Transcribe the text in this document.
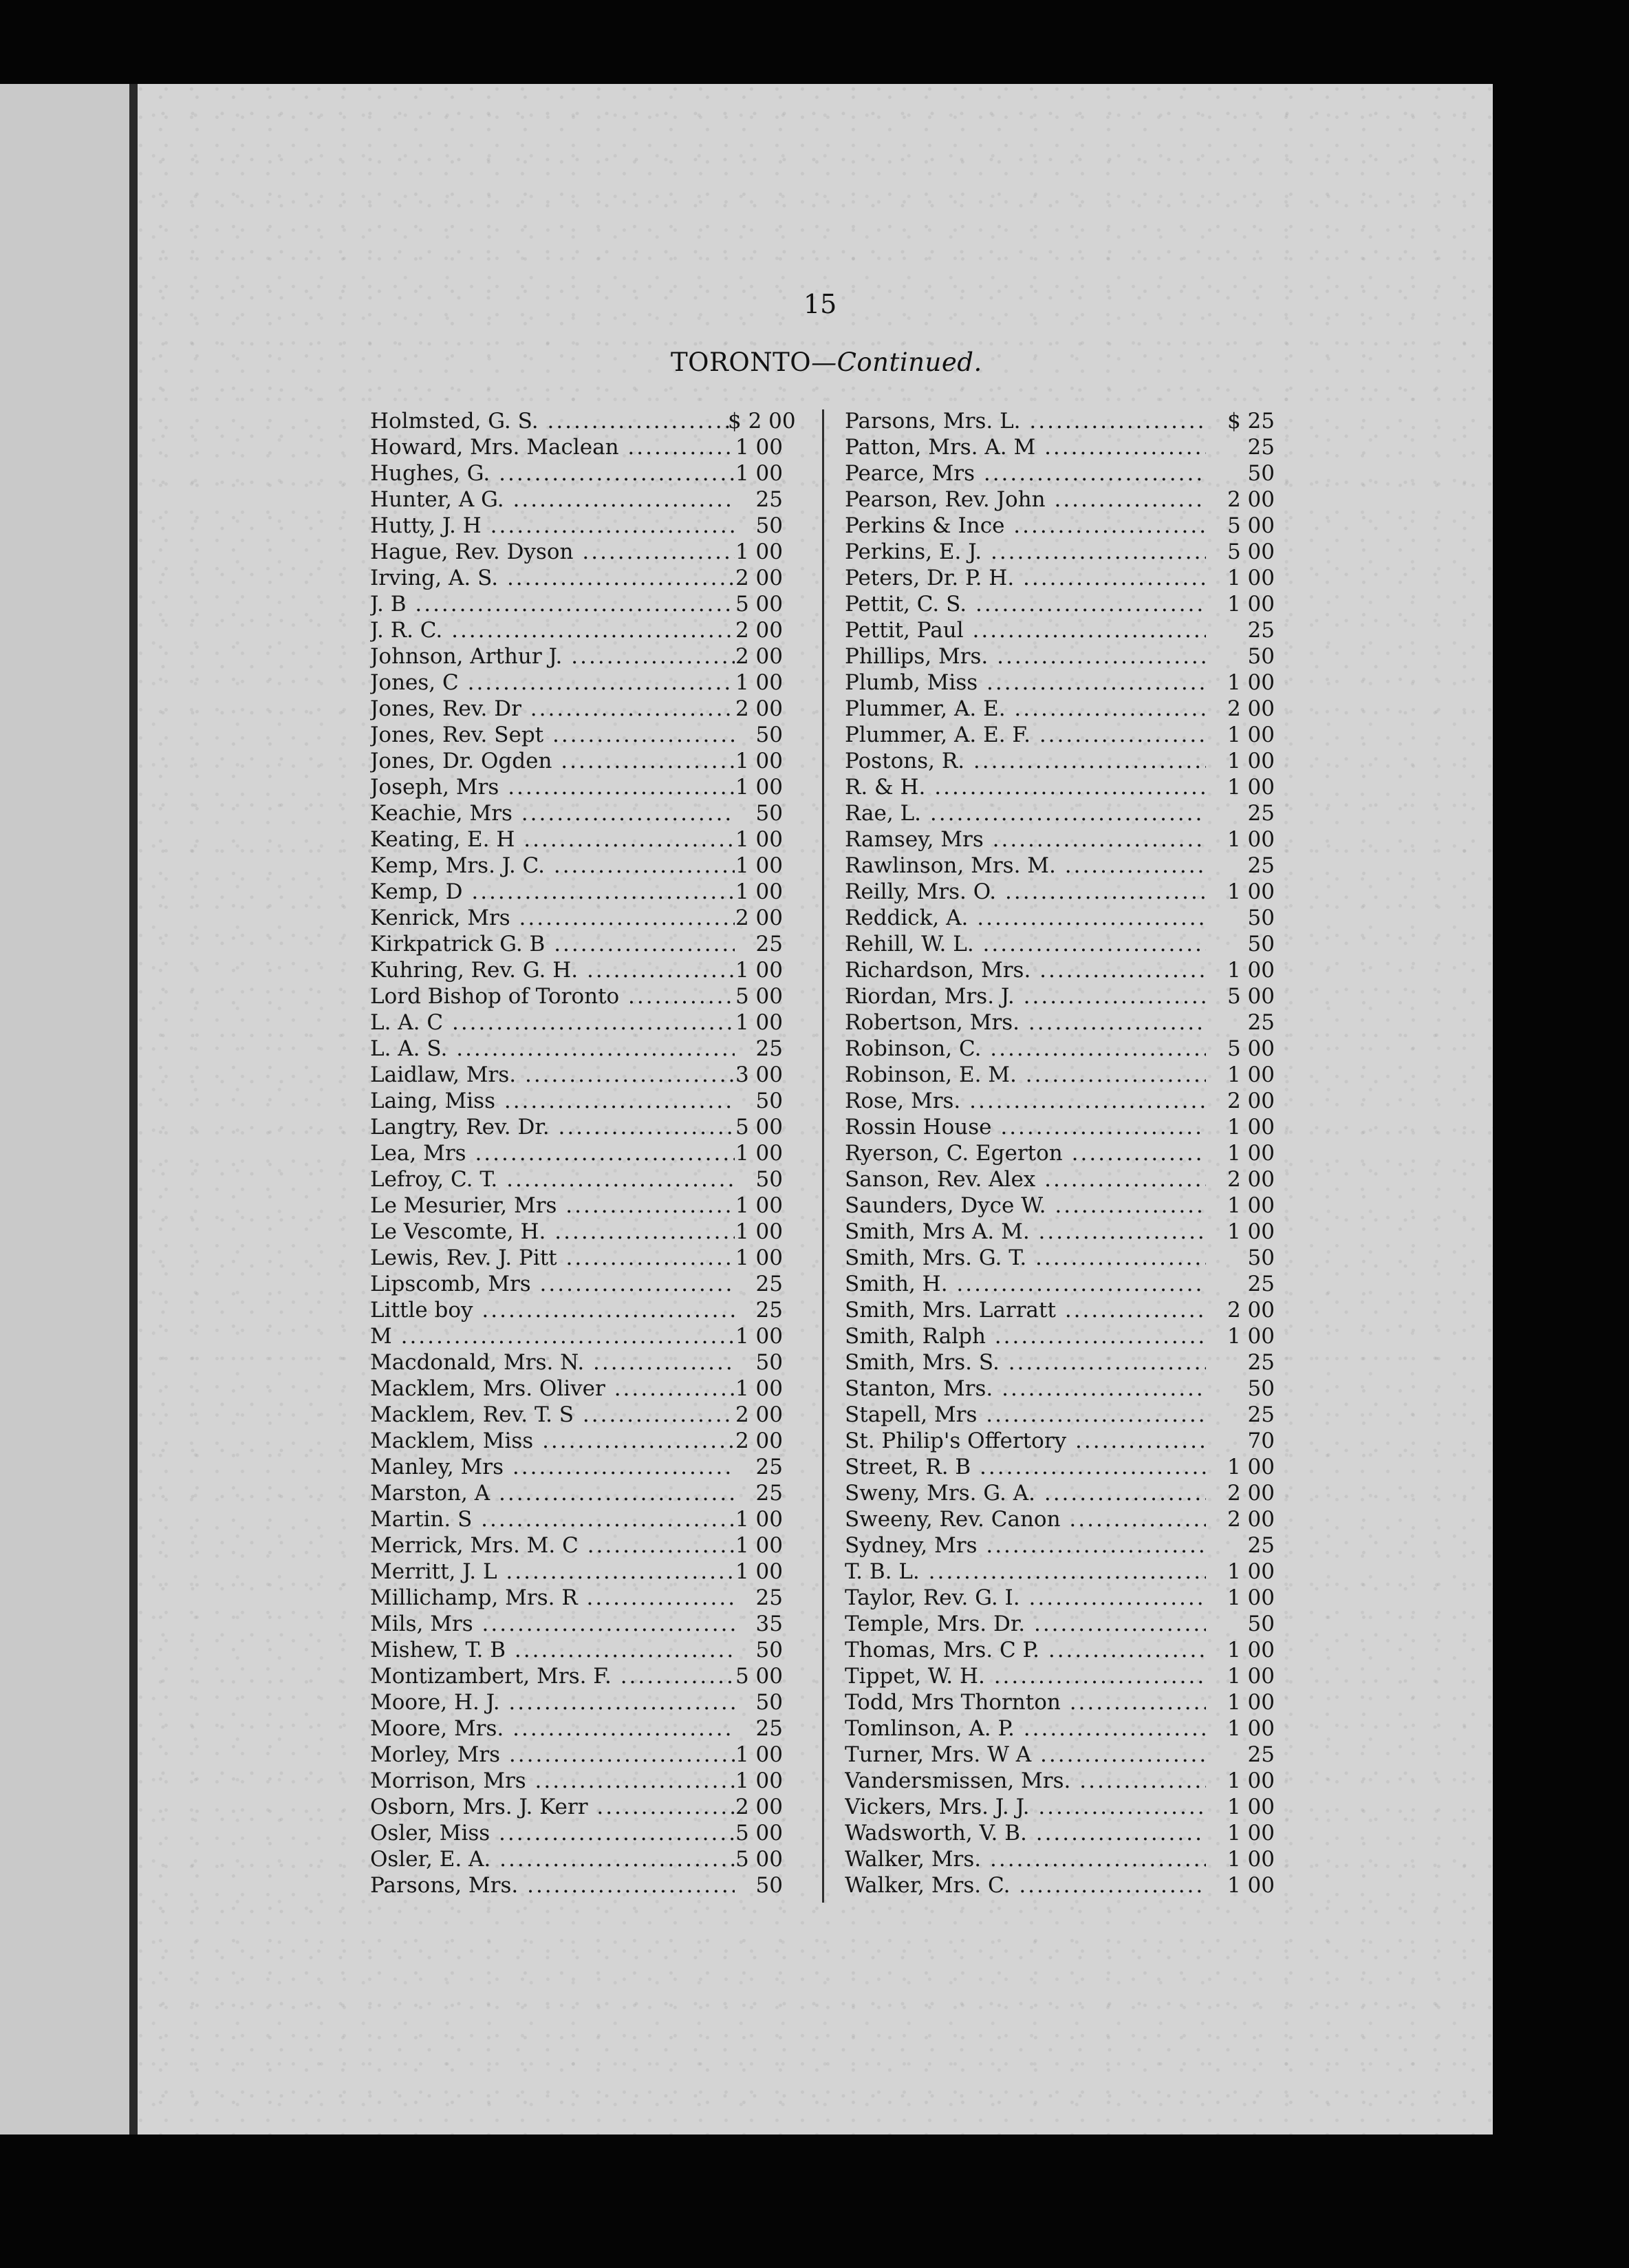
15
TORONTO—Continued.
Holmsted, G. S. .....	$ 2 00
Howard, Mrs. Maclean .....	1 00
Hughes, G. .....	1 00
Hunter, A G. .....	25
Hutty, J. H .....	50
Hague, Rev. Dyson .....	1 00
Irving, A. S. .....	2 00
J. B .....	5 00
J. R. C. .....	2 00
Johnson, Arthur J. .....	2 00
Jones, C .....	1 00
Jones, Rev. Dr .....	2 00
Jones, Rev. Sept .....	50
Jones, Dr. Ogden .....	1 00
Joseph, Mrs .....	1 00
Keachie, Mrs .....	50
Keating, E. H .....	1 00
Kemp, Mrs. J. C. .....	1 00
Kemp, D .....	1 00
Kenrick, Mrs .....	2 00
Kirkpatrick G. B .....	25
Kuhring, Rev. G. H. .....	1 00
Lord Bishop of Toronto .....	5 00
L. A. C .....	1 00
L. A. S. .....	25
Laidlaw, Mrs. .....	3 00
Laing, Miss .....	50
Langtry, Rev. Dr. .....	5 00
Lea, Mrs .....	1 00
Lefroy, C. T. .....	50
Le Mesurier, Mrs .....	1 00
Le Vescomte, H. .....	1 00
Lewis, Rev. J. Pitt .....	1 00
Lipscomb, Mrs .....	25
Little boy .....	25
M .....	1 00
Macdonald, Mrs. N. .....	50
Macklem, Mrs. Oliver .....	1 00
Macklem, Rev. T. S .....	2 00
Macklem, Miss .....	2 00
Manley, Mrs .....	25
Marston, A .....	25
Martin. S .....	1 00
Merrick, Mrs. M. C .....	1 00
Merritt, J. L .....	1 00
Millichamp, Mrs. R .....	25
Mils, Mrs .....	35
Mishew, T. B .....	50
Montizambert, Mrs. F. .....	5 00
Moore, H. J. .....	50
Moore, Mrs. .....	25
Morley, Mrs .....	1 00
Morrison, Mrs .....	1 00
Osborn, Mrs. J. Kerr .....	2 00
Osler, Miss .....	5 00
Osler, E. A. .....	5 00
Parsons, Mrs. .....	50
Parsons, Mrs. L. .....	$ 25
Patton, Mrs. A. M .....	25
Pearce, Mrs .....	50
Pearson, Rev. John .....	2 00
Perkins & Ince .....	5 00
Perkins, E. J. .....	5 00
Peters, Dr. P. H. .....	1 00
Pettit, C. S. .....	1 00
Pettit, Paul .....	25
Phillips, Mrs. .....	50
Plumb, Miss .....	1 00
Plummer, A. E. .....	2 00
Plummer, A. E. F. .....	1 00
Postons, R. .....	1 00
R. & H. .....	1 00
Rae, L. .....	25
Ramsey, Mrs .....	1 00
Rawlinson, Mrs. M. .....	25
Reilly, Mrs. O. .....	1 00
Reddick, A. .....	50
Rehill, W. L. .....	50
Richardson, Mrs. .....	1 00
Riordan, Mrs. J. .....	5 00
Robertson, Mrs. .....	25
Robinson, C. .....	5 00
Robinson, E. M. .....	1 00
Rose, Mrs. .....	2 00
Rossin House .....	1 00
Ryerson, C. Egerton .....	1 00
Sanson, Rev. Alex .....	2 00
Saunders, Dyce W. .....	1 00
Smith, Mrs A. M. .....	1 00
Smith, Mrs. G. T. .....	50
Smith, H. .....	25
Smith, Mrs. Larratt .....	2 00
Smith, Ralph .....	1 00
Smith, Mrs. S. .....	25
Stanton, Mrs. .....	50
Stapell, Mrs .....	25
St. Philip's Offertory .....	70
Street, R. B .....	1 00
Sweny, Mrs. G. A. .....	2 00
Sweeny, Rev. Canon .....	2 00
Sydney, Mrs .....	25
T. B. L. .....	1 00
Taylor, Rev. G. I. .....	1 00
Temple, Mrs. Dr. .....	50
Thomas, Mrs. C P. .....	1 00
Tippet, W. H. .....	1 00
Todd, Mrs Thornton .....	1 00
Tomlinson, A. P. .....	1 00
Turner, Mrs. W A .....	25
Vandersmissen, Mrs. .....	1 00
Vickers, Mrs. J. J. .....	1 00
Wadsworth, V. B. .....	1 00
Walker, Mrs. .....	1 00
Walker, Mrs. C. .....	1 00
